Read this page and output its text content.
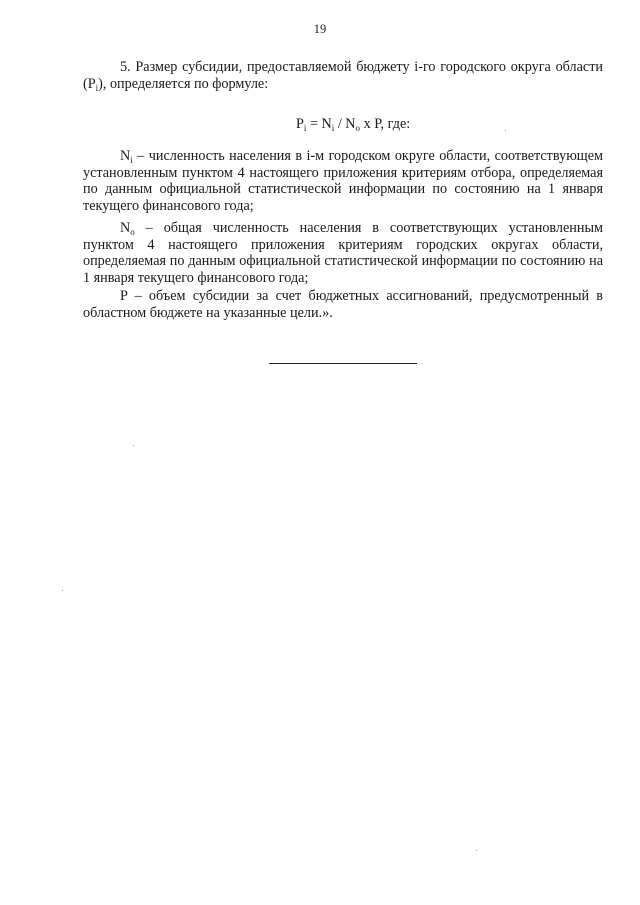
19
5. Размер субсидии, предоставляемой бюджету i-го городского округа области $(P_i)$, определяется по формуле:
$P_i = N_i / N_o$ x P, где:
$N_i$ – численность населения в i-м городском округе области, соответствующем установленным пунктом 4 настоящего приложения критериям отбора, определяемая по данным официальной статистической информации по состоянию на 1 января текущего финансового года;
$N_o$ – общая численность населения в соответствующих установленным пунктом 4 настоящего приложения критериям городских округах области, определяемая по данным официальной статистической информации по состоянию на 1 января текущего финансового года;
P – объем субсидии за счет бюджетных ассигнований, предусмотренный в областном бюджете на указанные цели.».
